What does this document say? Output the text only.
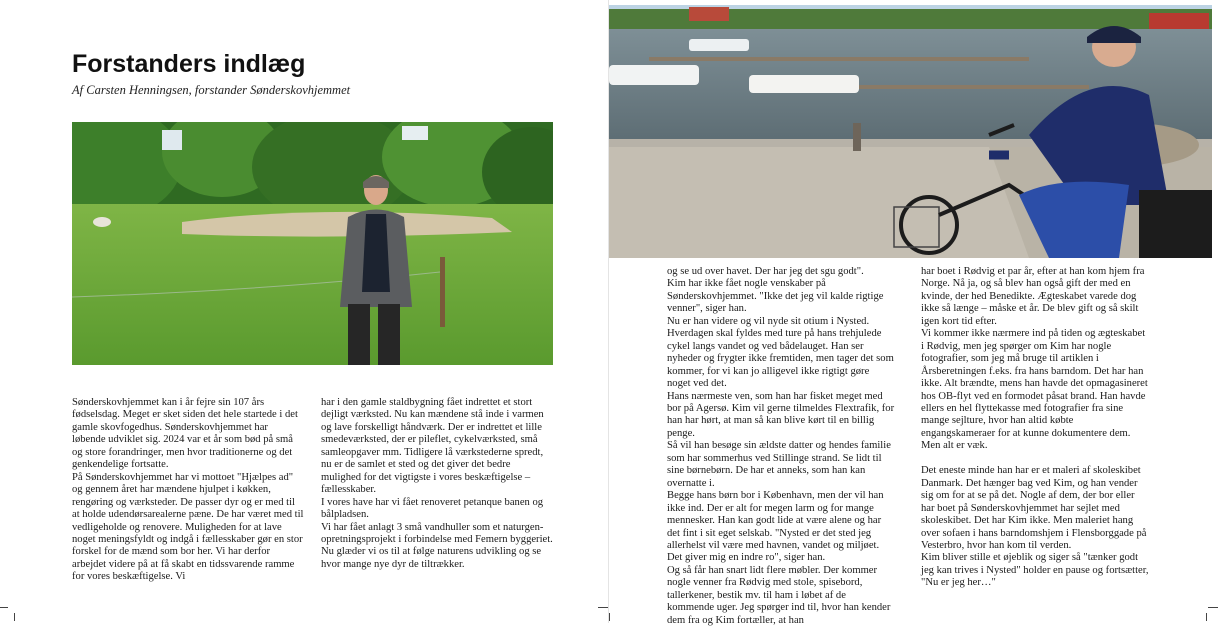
Forstanders indlæg

Af Carsten Henningsen, forstander Sønderskovhjemmet

Sønderskovhjemmet kan i år fejre sin 107 års fødselsdag. Meget er sket siden det hele startede i det gamle skovfogedhus. Sønderskovhjemmet har løbende udviklet sig. 2024 var et år som bød på små og store forandringer, men hvor traditionerne og det genkendelige fortsatte.

På Sønderskovhjemmet har vi mottoet "Hjælpes ad" og gennem året har mændene hjulpet i køkken, rengøring og værksteder. De passer dyr og er med til at holde udendørsarealerne pæne. De har været med til vedligeholde og renovere. Muligheden for at lave noget meningsfyldt og indgå i fællesskaber gør en stor forskel for de mænd som bor her. Vi har derfor arbejdet videre på at få skabt en tidssvarende ramme for vores beskæftigelse. Vi

har i den gamle staldbygning fået indrettet et stort dejligt værksted. Nu kan mændene stå inde i varmen og lave forskelligt håndværk. Der er indrettet et lille smedeværksted, der er pileflet, cykelværksted, små samleopgaver mm. Tidligere lå værkstederne spredt, nu er de samlet et sted og det giver det bedre mulighed for det vigtigste i vores beskæftigelse – fællesskaber.

I vores have har vi fået renoveret petanque banen og bålpladsen.

Vi har fået anlagt 3 små vandhuller som et naturgenopretningsprojekt i forbindelse med Femern byggeriet. Nu glæder vi os til at følge naturens udvikling og se hvor mange nye dyr de tiltrækker.

og se ud over havet. Der har jeg det sgu godt".

Kim har ikke fået nogle venskaber på Sønderskovhjemmet. "Ikke det jeg vil kalde rigtige venner", siger han.

Nu er han videre og vil nyde sit otium i Nysted. Hverdagen skal fyldes med ture på hans trehjulede cykel langs vandet og ved bådelauget. Han ser nyheder og frygter ikke fremtiden, men tager det som kommer, for vi kan jo alligevel ikke rigtigt gøre noget ved det.

Hans nærmeste ven, som han har fisket meget med bor på Agersø. Kim vil gerne tilmeldes Flextrafik, for han har hørt, at man så kan blive kørt til en billig penge.

Så vil han besøge sin ældste datter og hendes familie som har sommerhus ved Stillinge strand. Se lidt til sine børnebørn. De har et anneks, som han kan overnatte i.

Begge hans børn bor i København, men der vil han ikke ind. Der er alt for megen larm og for mange mennesker. Han kan godt lide at være alene og har det fint i sit eget selskab. "Nysted er det sted jeg allerhelst vil være med havnen, vandet og miljøet. Det giver mig en indre ro", siger han.

Og så får han snart lidt flere møbler. Der kommer nogle venner fra Rødvig med stole, spisebord, tallerkener, bestik mv. til ham i løbet af de kommende uger. Jeg spørger ind til, hvor han kender dem fra og Kim fortæller, at han

har boet i Rødvig et par år, efter at han kom hjem fra Norge. Nå ja, og så blev han også gift der med en kvinde, der hed Benedikte. Ægteskabet varede dog ikke så længe – måske et år. De blev gift og så skilt igen kort tid efter.

Vi kommer ikke nærmere ind på tiden og ægteskabet i Rødvig, men jeg spørger om Kim har nogle fotografier, som jeg må bruge til artiklen i Årsberetningen f.eks. fra hans barndom. Det har han ikke. Alt brændte, mens han havde det opmagasineret hos OB-flyt ved en formodet påsat brand. Han havde ellers en hel flyttekasse med fotografier fra sine mange sejlture, hvor han altid købte engangskameraer for at kunne dokumentere dem. Men alt er væk.

Det eneste minde han har er et maleri af skoleskibet Danmark. Det hænger bag ved Kim, og han vender sig om for at se på det. Nogle af dem, der bor eller har boet på Sønderskovhjemmet har sejlet med skoleskibet. Det har Kim ikke. Men maleriet hang over sofaen i hans barndomshjem i Flensborggade på Vesterbro, hvor han kom til verden.

Kim bliver stille et øjeblik og siger så "tænker godt jeg kan trives i Nysted" holder en pause og fortsætter, "Nu er jeg her…"
